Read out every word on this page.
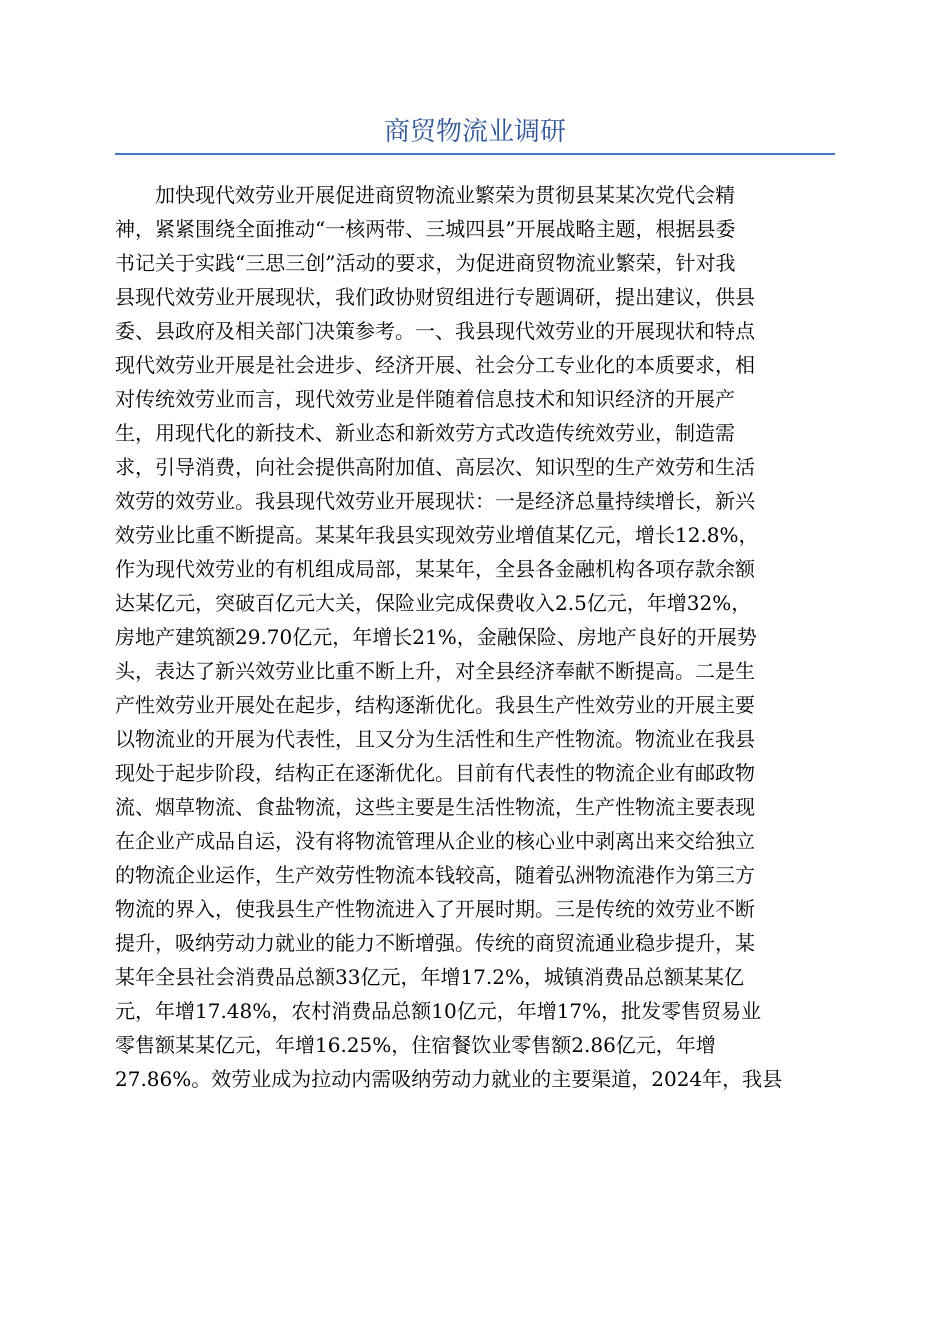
商贸物流业调研
加快现代效劳业开展促进商贸物流业繁荣为贯彻县某某次党代会精
神，紧紧围绕全面推动“一核两带、三城四县”开展战略主题，根据县委
书记关于实践“三思三创”活动的要求，为促进商贸物流业繁荣，针对我
县现代效劳业开展现状，我们政协财贸组进行专题调研，提出建议，供县
委、县政府及相关部门决策参考。一、我县现代效劳业的开展现状和特点
现代效劳业开展是社会进步、经济开展、社会分工专业化的本质要求，相
对传统效劳业而言，现代效劳业是伴随着信息技术和知识经济的开展产
生，用现代化的新技术、新业态和新效劳方式改造传统效劳业，制造需
求，引导消费，向社会提供高附加值、高层次、知识型的生产效劳和生活
效劳的效劳业。我县现代效劳业开展现状：一是经济总量持续增长，新兴
效劳业比重不断提高。某某年我县实现效劳业增值某亿元，增长12.8%，
作为现代效劳业的有机组成局部，某某年，全县各金融机构各项存款余额
达某亿元，突破百亿元大关，保险业完成保费收入2.5亿元，年增32%，
房地产建筑额29.70亿元，年增长21%，金融保险、房地产良好的开展势
头，表达了新兴效劳业比重不断上升，对全县经济奉献不断提高。二是生
产性效劳业开展处在起步，结构逐渐优化。我县生产性效劳业的开展主要
以物流业的开展为代表性，且又分为生活性和生产性物流。物流业在我县
现处于起步阶段，结构正在逐渐优化。目前有代表性的物流企业有邮政物
流、烟草物流、食盐物流，这些主要是生活性物流，生产性物流主要表现
在企业产成品自运，没有将物流管理从企业的核心业中剥离出来交给独立
的物流企业运作，生产效劳性物流本钱较高，随着弘洲物流港作为第三方
物流的界入，使我县生产性物流进入了开展时期。三是传统的效劳业不断
提升，吸纳劳动力就业的能力不断增强。传统的商贸流通业稳步提升，某
某年全县社会消费品总额33亿元，年增17.2%，城镇消费品总额某某亿
元，年增17.48%，农村消费品总额10亿元，年增17%，批发零售贸易业
零售额某某亿元，年增16.25%，住宿餐饮业零售额2.86亿元，年增
27.86%。效劳业成为拉动内需吸纳劳动力就业的主要渠道，2024年，我县
